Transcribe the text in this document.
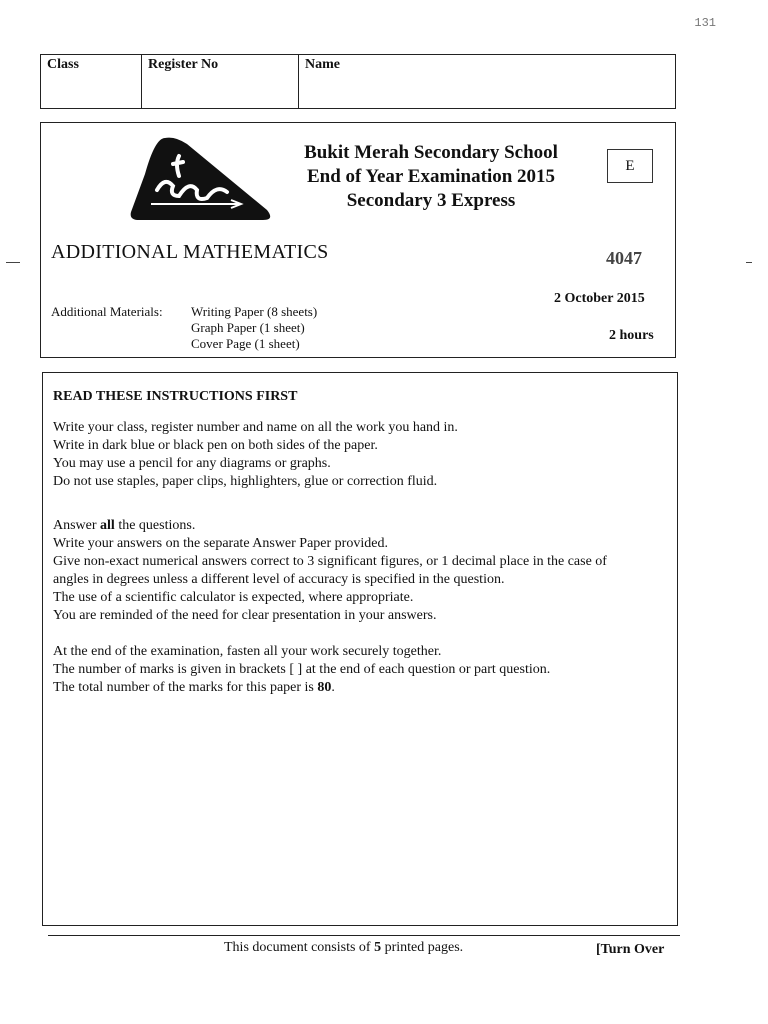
131
Class	Register No	Name
Bukit Merah Secondary School
End of Year Examination 2015
Secondary 3 Express
E
ADDITIONAL MATHEMATICS	4047
2 October 2015
2 hours
Additional Materials: Writing Paper (8 sheets)
Graph Paper (1 sheet)
Cover Page (1 sheet)
READ THESE INSTRUCTIONS FIRST
Write your class, register number and name on all the work you hand in.
Write in dark blue or black pen on both sides of the paper.
You may use a pencil for any diagrams or graphs.
Do not use staples, paper clips, highlighters, glue or correction fluid.
Answer all the questions.
Write your answers on the separate Answer Paper provided.
Give non-exact numerical answers correct to 3 significant figures, or 1 decimal place in the case of
angles in degrees unless a different level of accuracy is specified in the question.
The use of a scientific calculator is expected, where appropriate.
You are reminded of the need for clear presentation in your answers.
At the end of the examination, fasten all your work securely together.
The number of marks is given in brackets [ ] at the end of each question or part question.
The total number of the marks for this paper is 80.
This document consists of 5 printed pages.	[Turn Over
